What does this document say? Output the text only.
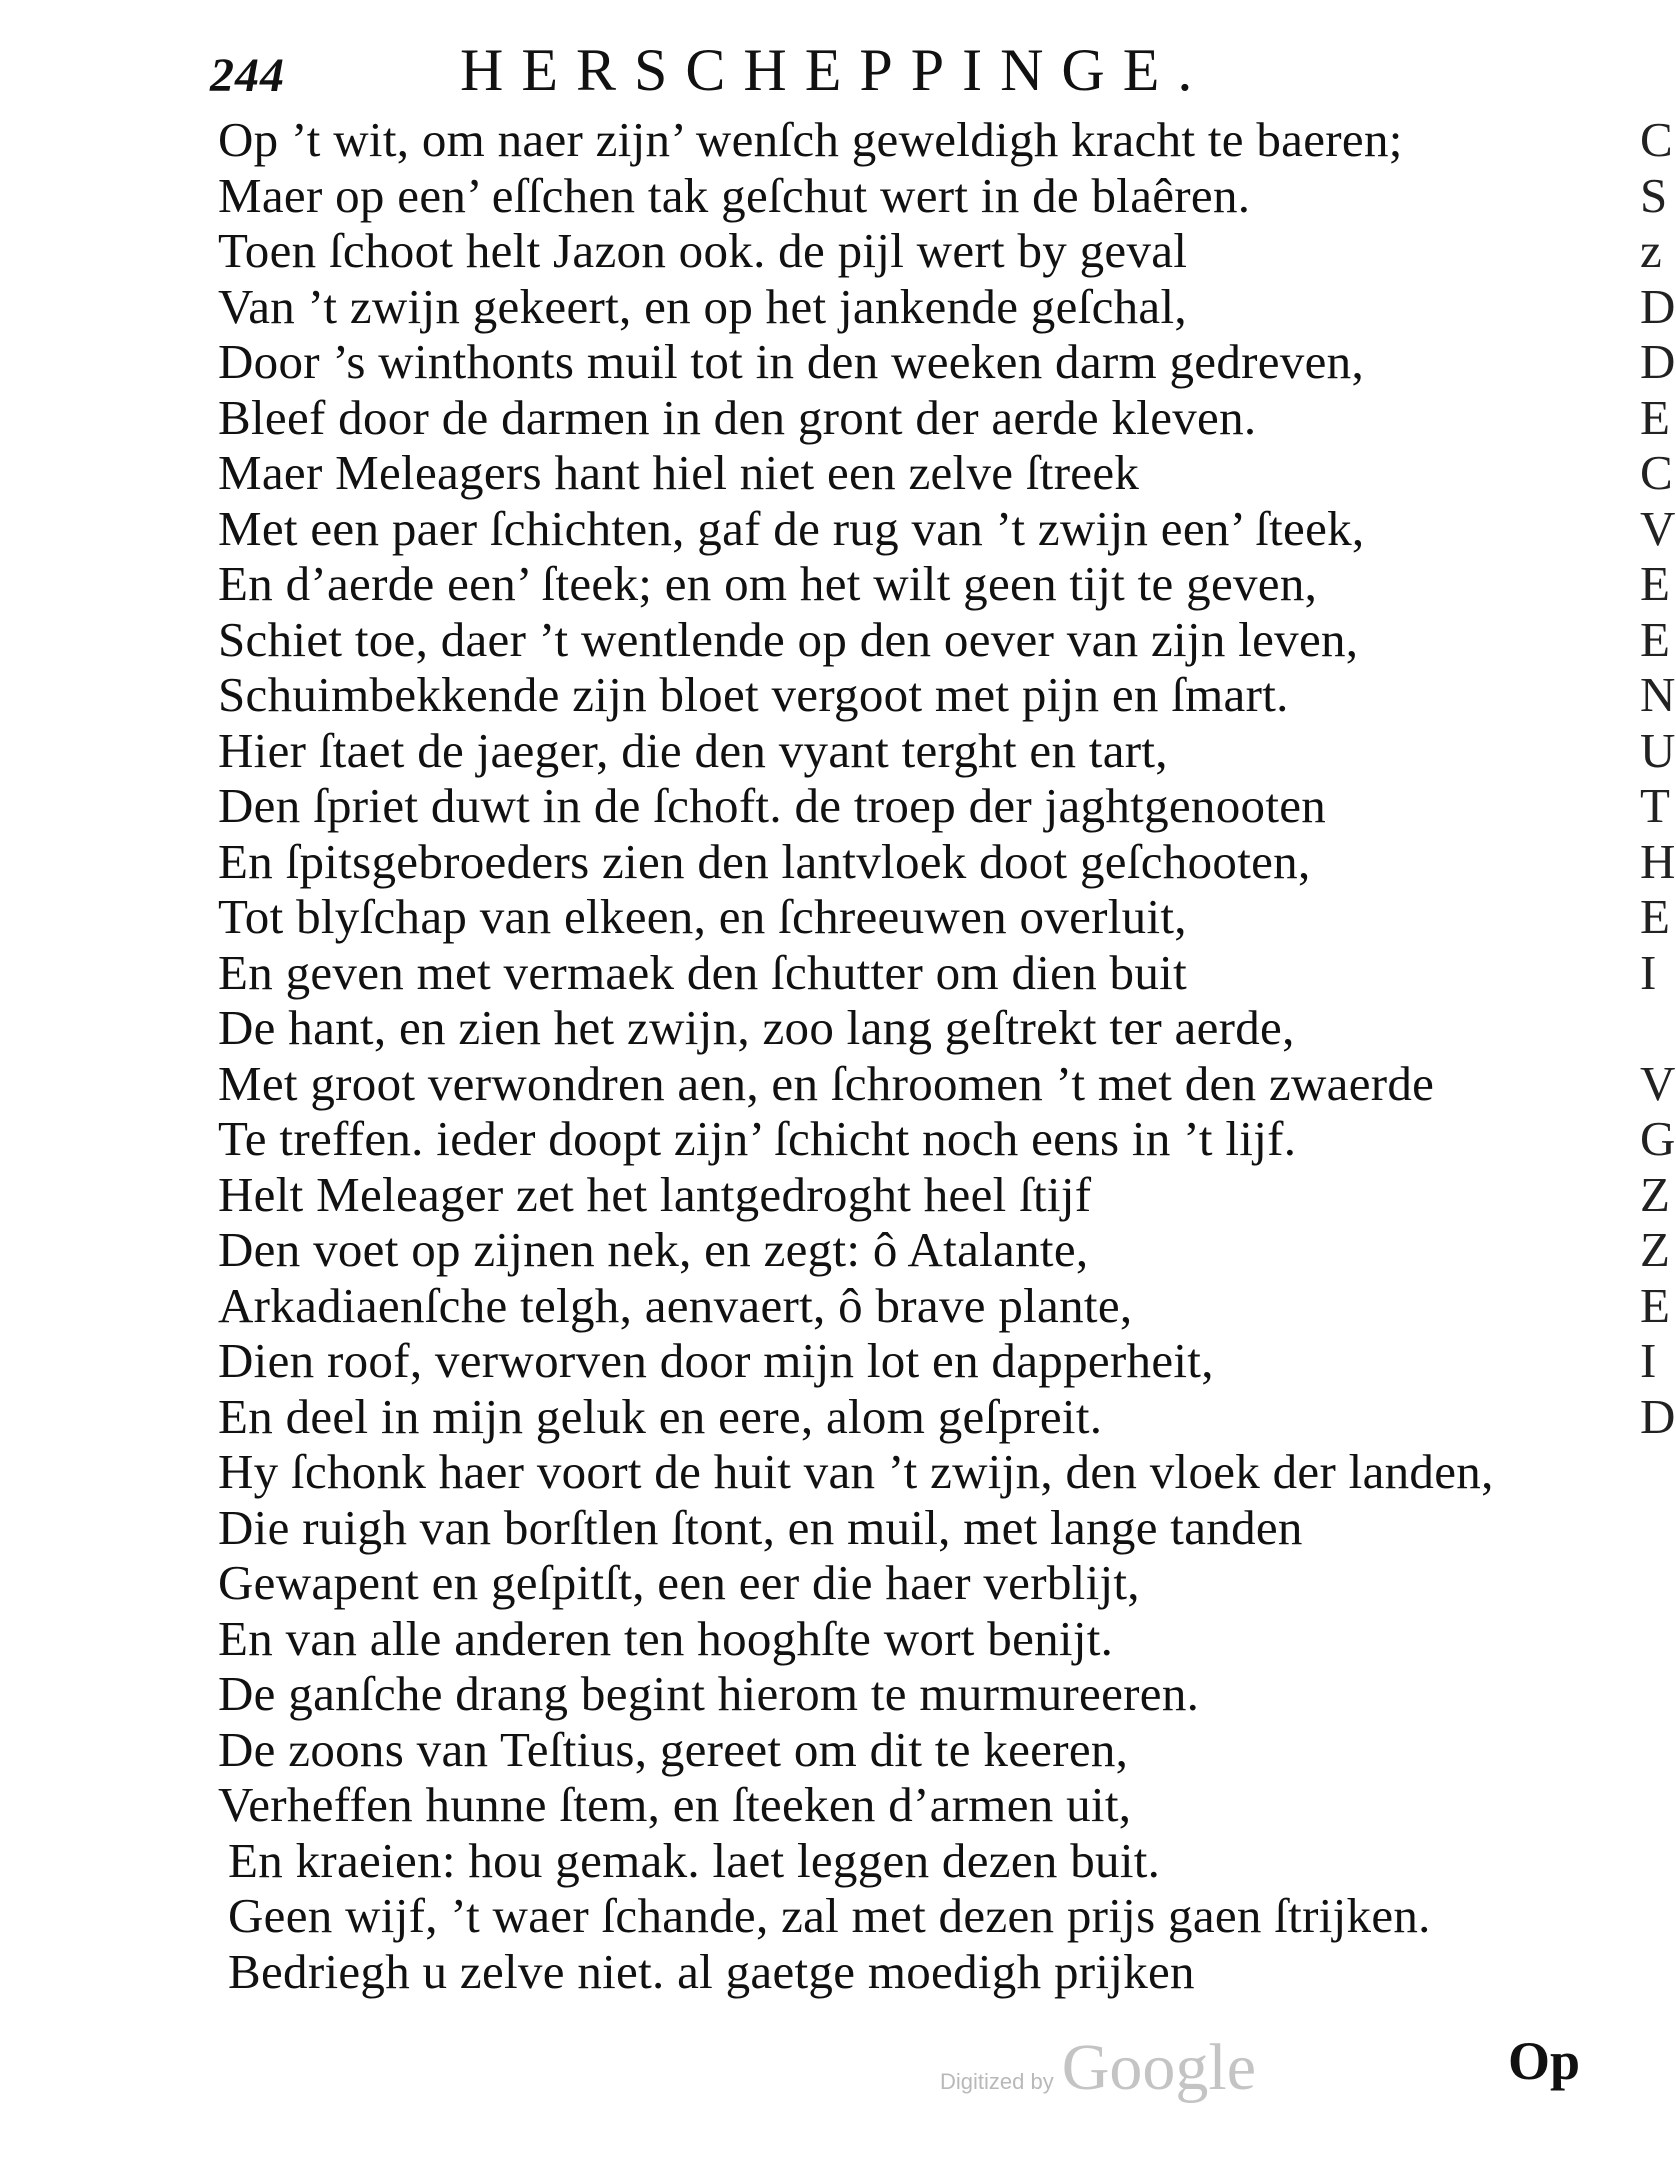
244	HERSCHEPPINGE.
Op ’t wit, om naer zijn’ wenſch geweldigh kracht te baeren;
Maer op een’ eſſchen tak geſchut wert in de blaêren.
Toen ſchoot helt Jazon ook. de pijl wert by geval
Van ’t zwijn gekeert, en op het jankende geſchal,
Door ’s winthonts muil tot in den weeken darm gedreven,
Bleef door de darmen in den gront der aerde kleven.
Maer Meleagers hant hiel niet een zelve ſtreek
Met een paer ſchichten, gaf de rug van ’t zwijn een’ ſteek,
En d’aerde een’ ſteek; en om het wilt geen tijt te geven,
Schiet toe, daer ’t wentlende op den oever van zijn leven,
Schuimbekkende zijn bloet vergoot met pijn en ſmart.
Hier ſtaet de jaeger, die den vyant terght en tart,
Den ſpriet duwt in de ſchoft. de troep der jaghtgenooten
En ſpitsgebroeders zien den lantvloek doot geſchooten,
Tot blyſchap van elkeen, en ſchreeuwen overluit,
En geven met vermaek den ſchutter om dien buit
De hant, en zien het zwijn, zoo lang geſtrekt ter aerde,
Met groot verwondren aen, en ſchroomen ’t met den zwaerde
Te treffen. ieder doopt zijn’ ſchicht noch eens in ’t lijf.
Helt Meleager zet het lantgedroght heel ſtijf
Den voet op zijnen nek, en zegt: ô Atalante,
Arkadiaenſche telgh, aenvaert, ô brave plante,
Dien roof, verworven door mijn lot en dapperheit,
En deel in mijn geluk en eere, alom geſpreit.
Hy ſchonk haer voort de huit van ’t zwijn, den vloek der landen,
Die ruigh van borſtlen ſtont, en muil, met lange tanden
Gewapent en geſpitſt, een eer die haer verblijt,
En van alle anderen ten hooghſte wort benijt.
De ganſche drang begint hierom te murmureeren.
De zoons van Teſtius, gereet om dit te keeren,
Verheffen hunne ſtem, en ſteeken d’armen uit,
En kraeien: hou gemak. laet leggen dezen buit.
Geen wijf, ’t waer ſchande, zal met dezen prijs gaen ſtrijken.
Bedriegh u zelve niet. al gaetge moedigh prijken
Digitized by Google	Op
C
S
z
D
D
E
C
V
E
E
N
U
T
H
E
I
V
G
Z
Z
E
I
D
